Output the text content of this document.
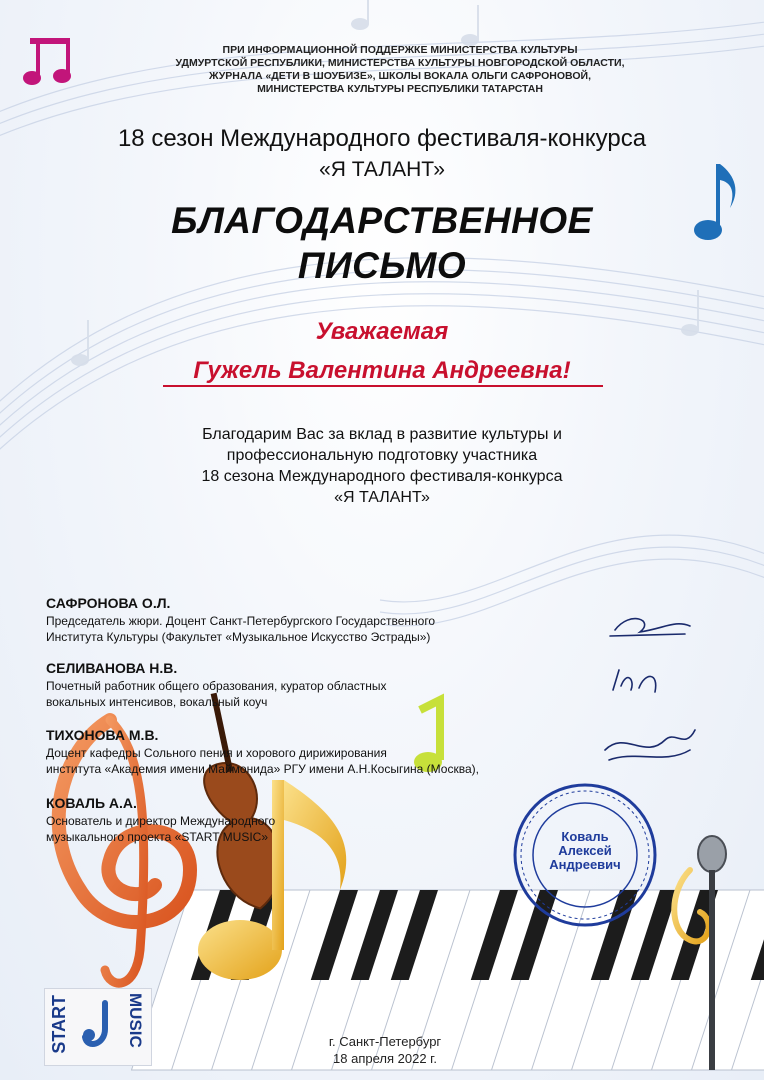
ПРИ ИНФОРМАЦИОННОЙ ПОДДЕРЖКЕ МИНИСТЕРСТВА КУЛЬТУРЫ
УДМУРТСКОЙ РЕСПУБЛИКИ, МИНИСТЕРСТВА КУЛЬТУРЫ НОВГОРОДСКОЙ ОБЛАСТИ,
ЖУРНАЛА «ДЕТИ В ШОУБИЗЕ», ШКОЛЫ ВОКАЛА ОЛЬГИ САФРОНОВОЙ,
МИНИСТЕРСТВА КУЛЬТУРЫ РЕСПУБЛИКИ ТАТАРСТАН
18 сезон Международного фестиваля-конкурса
«Я ТАЛАНТ»
БЛАГОДАРСТВЕННОЕ
ПИСЬМО
Уважаемая
Гужель Валентина Андреевна!
Благодарим Вас за вклад в развитие культуры и
профессиональную подготовку участника
18 сезона Международного фестиваля-конкурса
«Я ТАЛАНТ»
Коваль
Алексей
Андреевич
САФРОНОВА О.Л.
Председатель жюри. Доцент Санкт-Петербургского Государственного
Института Культуры (Факультет «Музыкальное Искусство Эстрады»)
СЕЛИВАНОВА Н.В.
Почетный работник общего образования, куратор областных
вокальных интенсивов, вокальный коуч
ТИХОНОВА М.В.
Доцент кафедры Сольного пения и хорового дирижирования
института «Академия имени Маймонида» РГУ имени А.Н.Косыгина (Москва),
КОВАЛЬ А.А.
Основатель и директор Международного
музыкального проекта «START MUSIC»
START	MUSIC	г. Санкт-Петербург
18 апреля 2022 г.
